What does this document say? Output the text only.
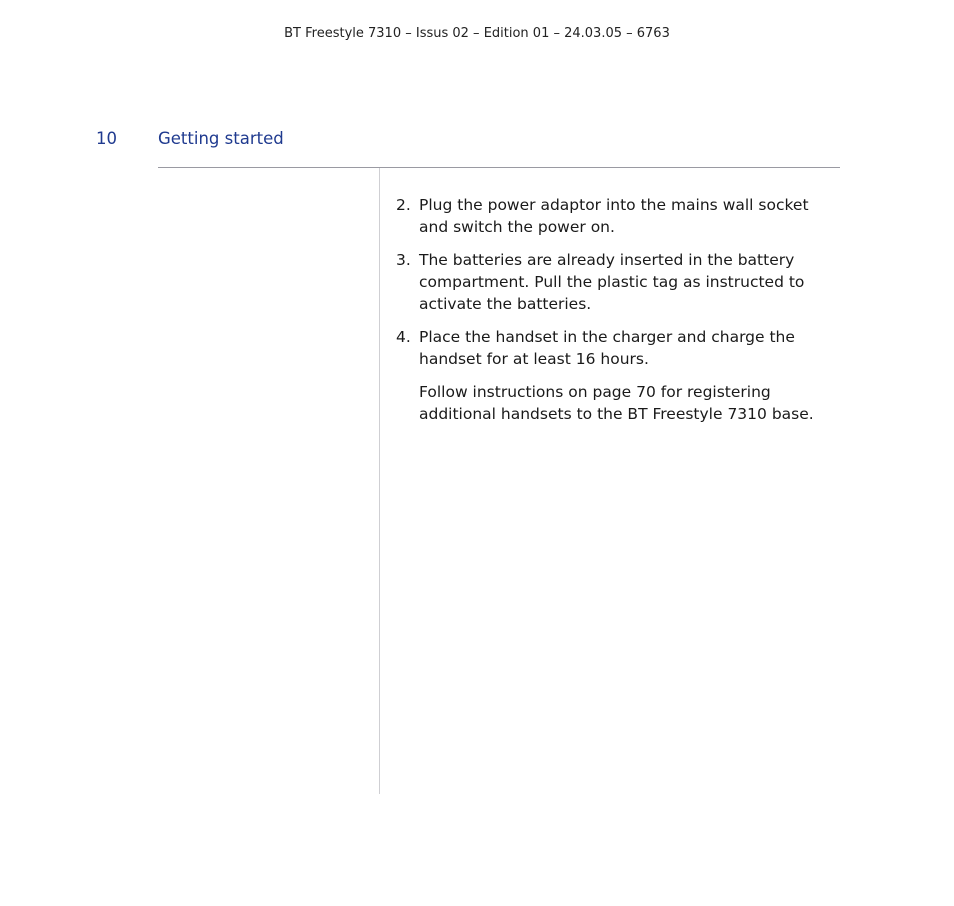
BT Freestyle 7310 – Issus 02 – Edition 01 – 24.03.05 – 6763
10 Getting started
2. Plug the power adaptor into the mains wall socket and switch the power on.
3. The batteries are already inserted in the battery compartment. Pull the plastic tag as instructed to activate the batteries.
4. Place the handset in the charger and charge the handset for at least 16 hours.

Follow instructions on page 70 for registering additional handsets to the BT Freestyle 7310 base.
